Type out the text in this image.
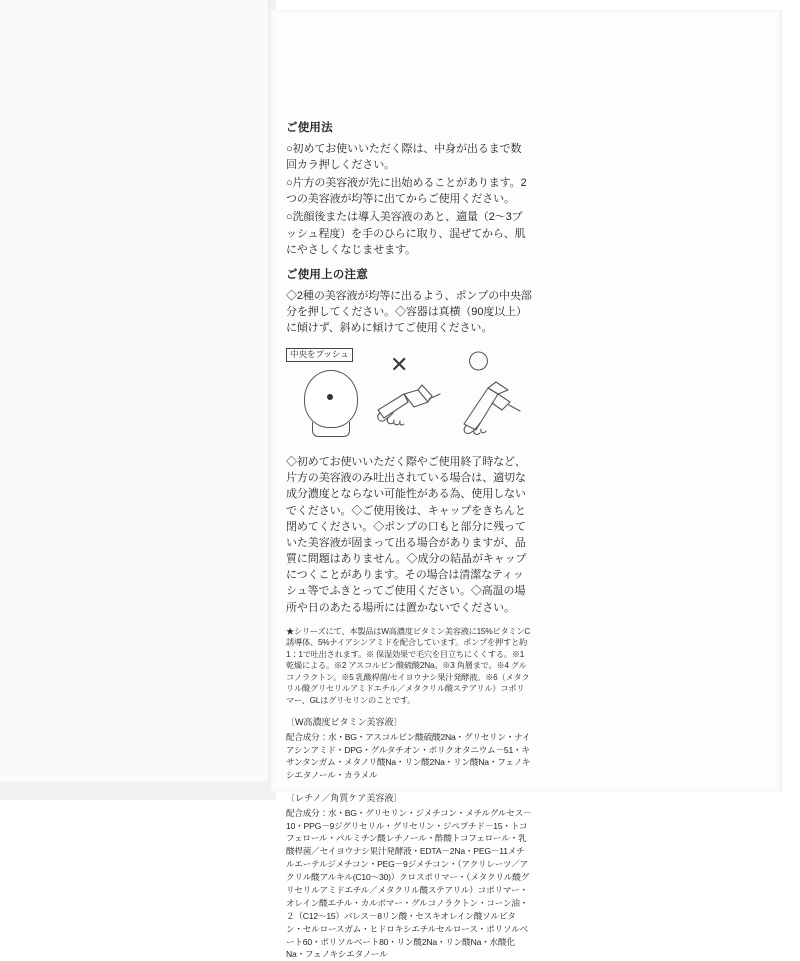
ご使用法

○初めてお使いいただく際は、中身が出るまで数回カラ押しください。

○片方の美容液が先に出始めることがあります。2つの美容液が均等に出てからご使用ください。

○洗顔後または導入美容液のあと、適量（2～3プッシュ程度）を手のひらに取り、混ぜてから、肌にやさしくなじませます。

ご使用上の注意

◇2種の美容液が均等に出るよう、ポンプの中央部分を押してください。◇容器は真横（90度以上）に傾けず、斜めに傾けてご使用ください。

中央をプッシュ ✕	〇

◇初めてお使いいただく際やご使用終了時など、片方の美容液のみ吐出されている場合は、適切な成分濃度とならない可能性がある為、使用しないでください。◇ご使用後は、キャップをきちんと閉めてください。◇ポンプの口もと部分に残っていた美容液が固まって出る場合がありますが、品質に問題はありません。◇成分の結晶がキャップにつくことがあります。その場合は清潔なティッシュ等でふきとってご使用ください。◇高温の場所や日のあたる場所には置かないでください。

★シリーズにて、本製品はW高濃度ビタミン美容液に15%ビタミンC誘導体、5%ナイアシンアミドを配合しています。ポンプを押すと約1：1で吐出されます。※ 保湿効果で毛穴を目立ちにくくする。※1 乾燥による。※2 アスコルビン酸硫酸2Na。※3 角層まで。※4 グルコノラクトン。※5 乳酸桿菌/セイヨウナシ果汁発酵液。※6（メタクリル酸グリセリルアミドエチル／メタクリル酸ステアリル）コポリマー、GLはグリセリンのことです。

〔W高濃度ビタミン美容液〕

配合成分：水・BG・アスコルビン酸硫酸2Na・グリセリン・ナイアシンアミド・DPG・グルタチオン・ポリクオタニウム－51・キサンタンガム・メタノリ酸Na・リン酸2Na・リン酸Na・フェノキシエタノール・カラメル

〔レチノ／角質ケア美容液〕

配合成分：水・BG・グリセリン・ジメチコン・メチルグルセス－10・PPG－9ジグリセリル・グリセリン・ジペプチド－15・トコフェロール・パルミチン酸レチノール・酢酸トコフェロール・乳酸桿菌／セイヨウナシ果汁発酵液・EDTA－2Na・PEG－11メチルエーテルジメチコン・PEG－9ジメチコン・（アクリレーツ／アクリル酸アルキル(C10～30)）クロスポリマー・（メタクリル酸グリセリルアミドエチル／メタクリル酸ステアリル）コポリマー・オレイン酸エチル・カルボマー・グルコノラクトン・コーン油・２（C12～15）パレス－8リン酸・セスキオレイン酸ソルビタン・セルロースガム・ヒドロキシエチルセルロース・ポリソルベート60・ポリソルベート80・リン酸2Na・リン酸Na・水酸化Na・フェノキシエタノール
